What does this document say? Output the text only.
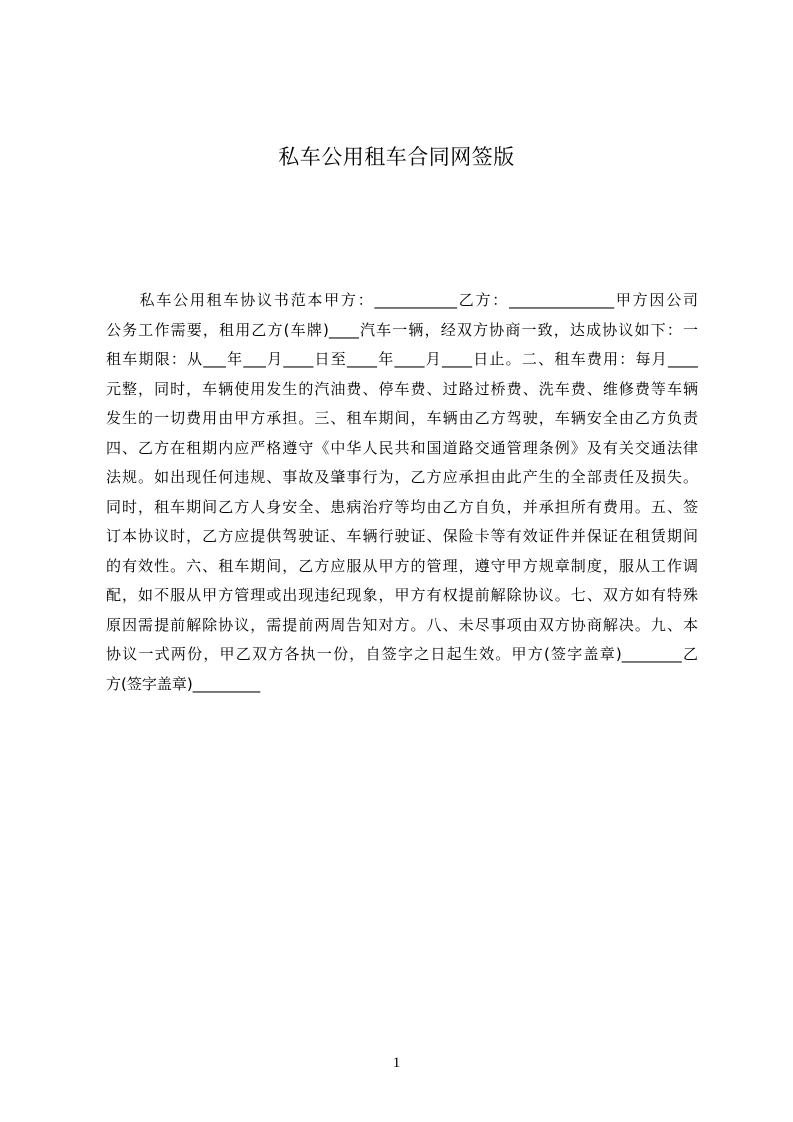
私车公用租车合同网签版
　　私车公用租车协议书范本甲方：___________乙方：______________甲方因公司
公务工作需要，租用乙方(车牌)____汽车一辆，经双方协商一致，达成协议如下：一
租车期限：从___年___月____日至____年____月____日止。二、租车费用：每月____
元整，同时，车辆使用发生的汽油费、停车费、过路过桥费、洗车费、维修费等车辆
发生的一切费用由甲方承担。三、租车期间，车辆由乙方驾驶，车辆安全由乙方负责
四、乙方在租期内应严格遵守《中华人民共和国道路交通管理条例》及有关交通法律
法规。如出现任何违规、事故及肇事行为，乙方应承担由此产生的全部责任及损失。
同时，租车期间乙方人身安全、患病治疗等均由乙方自负，并承担所有费用。五、签
订本协议时，乙方应提供驾驶证、车辆行驶证、保险卡等有效证件并保证在租赁期间
的有效性。六、租车期间，乙方应服从甲方的管理，遵守甲方规章制度，服从工作调
配，如不服从甲方管理或出现违纪现象，甲方有权提前解除协议。七、双方如有特殊
原因需提前解除协议，需提前两周告知对方。八、未尽事项由双方协商解决。九、本
协议一式两份，甲乙双方各执一份，自签字之日起生效。甲方(签字盖章)________乙
方(签字盖章)_________
1
